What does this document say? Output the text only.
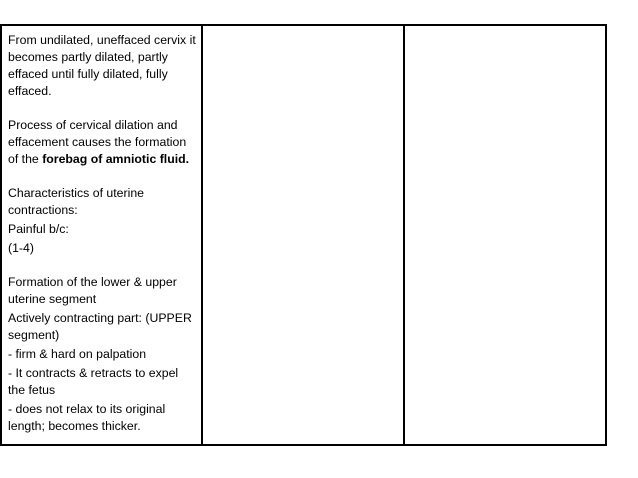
From undilated, uneffaced cervix it becomes partly dilated, partly effaced until fully dilated, fully effaced.

Process of cervical dilation and effacement causes the formation of the forebag of amniotic fluid.

Characteristics of uterine contractions:

Painful b/c:

(1-4)

Formation of the lower & upper uterine segment

Actively contracting part: (UPPER segment)

- firm & hard on palpation

- It contracts & retracts to expel the fetus

- does not relax to its original length; becomes thicker.
